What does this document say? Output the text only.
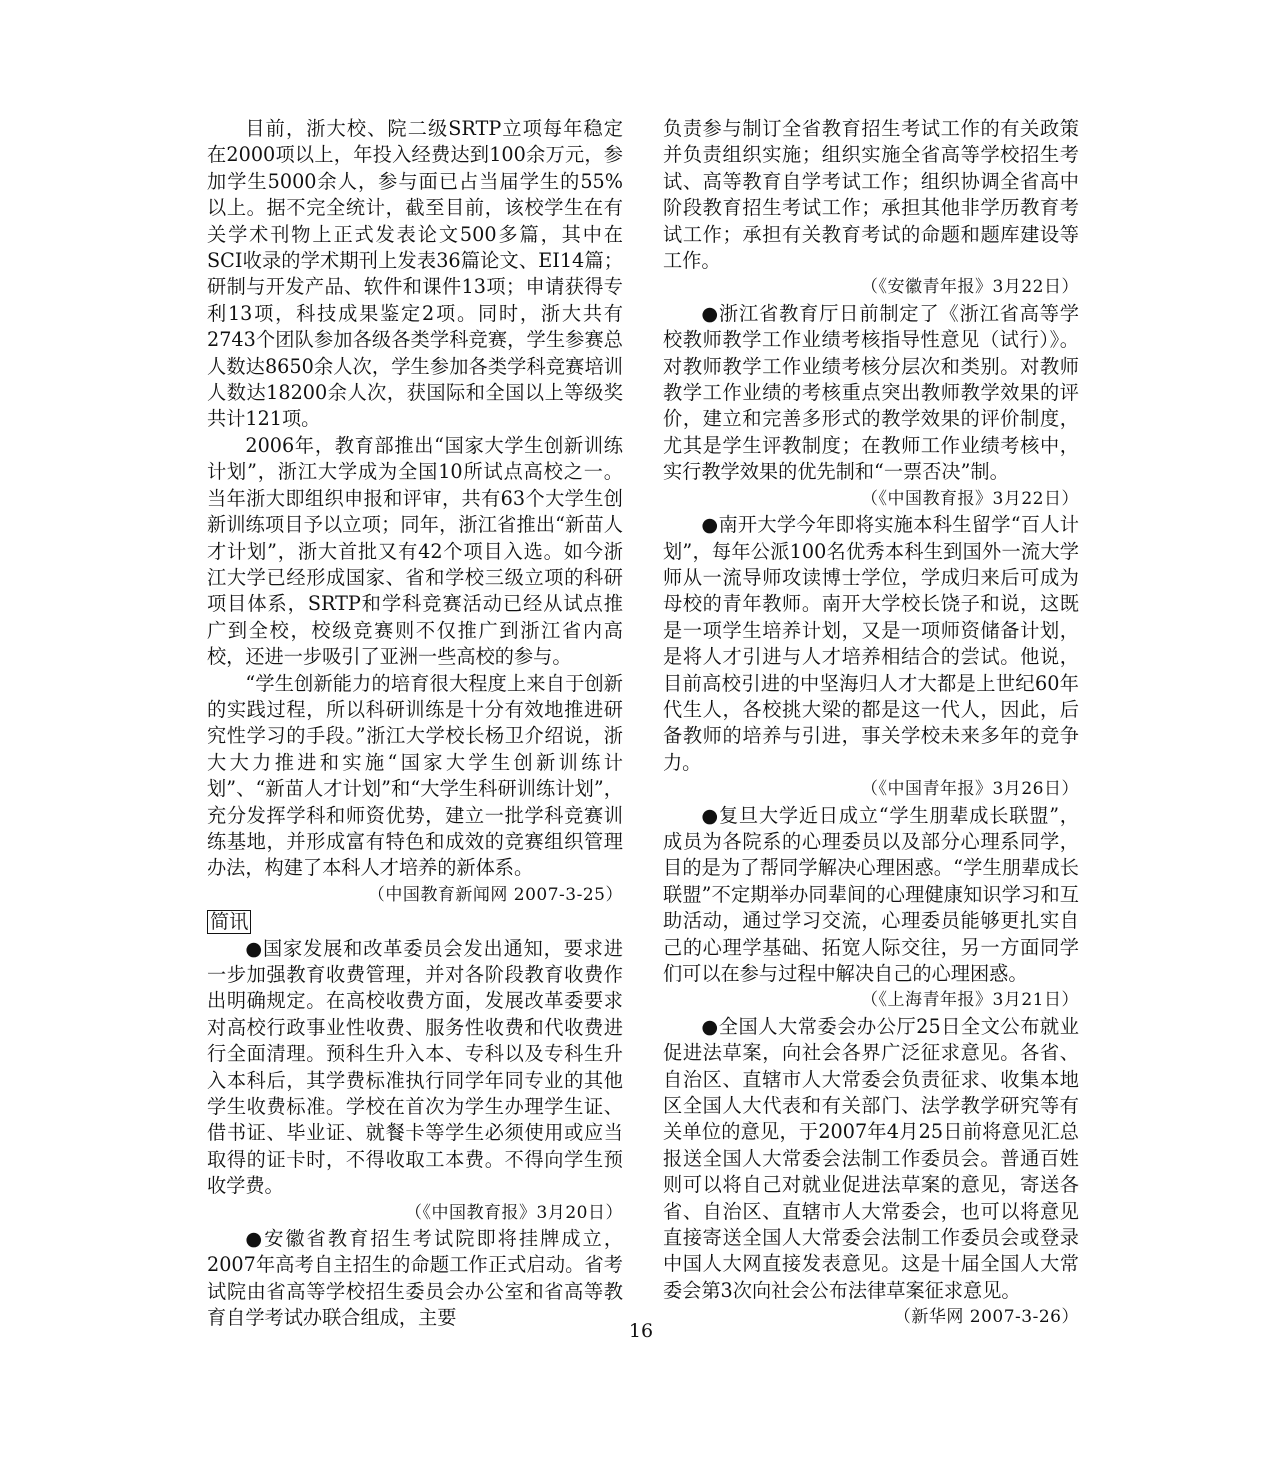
目前，浙大校、院二级SRTP立项每年稳定在2000项以上，年投入经费达到100余万元，参加学生5000余人，参与面已占当届学生的55%以上。据不完全统计，截至目前，该校学生在有关学术刊物上正式发表论文500多篇，其中在SCI收录的学术期刊上发表36篇论文、EI14篇；研制与开发产品、软件和课件13项；申请获得专利13项，科技成果鉴定2项。同时，浙大共有2743个团队参加各级各类学科竞赛，学生参赛总人数达8650余人次，学生参加各类学科竞赛培训人数达18200余人次，获国际和全国以上等级奖共计121项。

2006年，教育部推出“国家大学生创新训练计划”，浙江大学成为全国10所试点高校之一。当年浙大即组织申报和评审，共有63个大学生创新训练项目予以立项；同年，浙江省推出“新苗人才计划”，浙大首批又有42个项目入选。如今浙江大学已经形成国家、省和学校三级立项的科研项目体系，SRTP和学科竞赛活动已经从试点推广到全校，校级竞赛则不仅推广到浙江省内高校，还进一步吸引了亚洲一些高校的参与。

“学生创新能力的培育很大程度上来自于创新的实践过程，所以科研训练是十分有效地推进研究性学习的手段。”浙江大学校长杨卫介绍说，浙大大力推进和实施“国家大学生创新训练计划”、“新苗人才计划”和“大学生科研训练计划”，充分发挥学科和师资优势，建立一批学科竞赛训练基地，并形成富有特色和成效的竞赛组织管理办法，构建了本科人才培养的新体系。

（中国教育新闻网 2007-3-25）

简讯

● 国家发展和改革委员会发出通知，要求进一步加强教育收费管理，并对各阶段教育收费作出明确规定。在高校收费方面，发展改革委要求对高校行政事业性收费、服务性收费和代收费进行全面清理。预科生升入本、专科以及专科生升入本科后，其学费标准执行同学年同专业的其他学生收费标准。学校在首次为学生办理学生证、借书证、毕业证、就餐卡等学生必须使用或应当取得的证卡时，不得收取工本费。不得向学生预收学费。

（《中国教育报》3月20日）

● 安徽省教育招生考试院即将挂牌成立，2007年高考自主招生的命题工作正式启动。省考试院由省高等学校招生委员会办公室和省高等教育自学考试办联合组成，主要

负责参与制订全省教育招生考试工作的有关政策并负责组织实施；组织实施全省高等学校招生考试、高等教育自学考试工作；组织协调全省高中阶段教育招生考试工作；承担其他非学历教育考试工作；承担有关教育考试的命题和题库建设等工作。

（《安徽青年报》3月22日）

● 浙江省教育厅日前制定了《浙江省高等学校教师教学工作业绩考核指导性意见（试行）》。对教师教学工作业绩考核分层次和类别。对教师教学工作业绩的考核重点突出教师教学效果的评价，建立和完善多形式的教学效果的评价制度，尤其是学生评教制度；在教师工作业绩考核中，实行教学效果的优先制和“一票否决”制。

（《中国教育报》3月22日）

● 南开大学今年即将实施本科生留学“百人计划”，每年公派100名优秀本科生到国外一流大学师从一流导师攻读博士学位，学成归来后可成为母校的青年教师。南开大学校长饶子和说，这既是一项学生培养计划，又是一项师资储备计划，是将人才引进与人才培养相结合的尝试。他说，目前高校引进的中坚海归人才大都是上世纪60年代生人，各校挑大梁的都是这一代人，因此，后备教师的培养与引进，事关学校未来多年的竞争力。

（《中国青年报》3月26日）

● 复旦大学近日成立“学生朋辈成长联盟”，成员为各院系的心理委员以及部分心理系同学，目的是为了帮同学解决心理困惑。“学生朋辈成长联盟”不定期举办同辈间的心理健康知识学习和互助活动，通过学习交流，心理委员能够更扎实自己的心理学基础、拓宽人际交往，另一方面同学们可以在参与过程中解决自己的心理困惑。

（《上海青年报》3月21日）

● 全国人大常委会办公厅25日全文公布就业促进法草案，向社会各界广泛征求意见。各省、自治区、直辖市人大常委会负责征求、收集本地区全国人大代表和有关部门、法学教学研究等有关单位的意见，于2007年4月25日前将意见汇总报送全国人大常委会法制工作委员会。普通百姓则可以将自己对就业促进法草案的意见，寄送各省、自治区、直辖市人大常委会，也可以将意见直接寄送全国人大常委会法制工作委员会或登录中国人大网直接发表意见。这是十届全国人大常委会第3次向社会公布法律草案征求意见。

（新华网 2007-3-26）

16
